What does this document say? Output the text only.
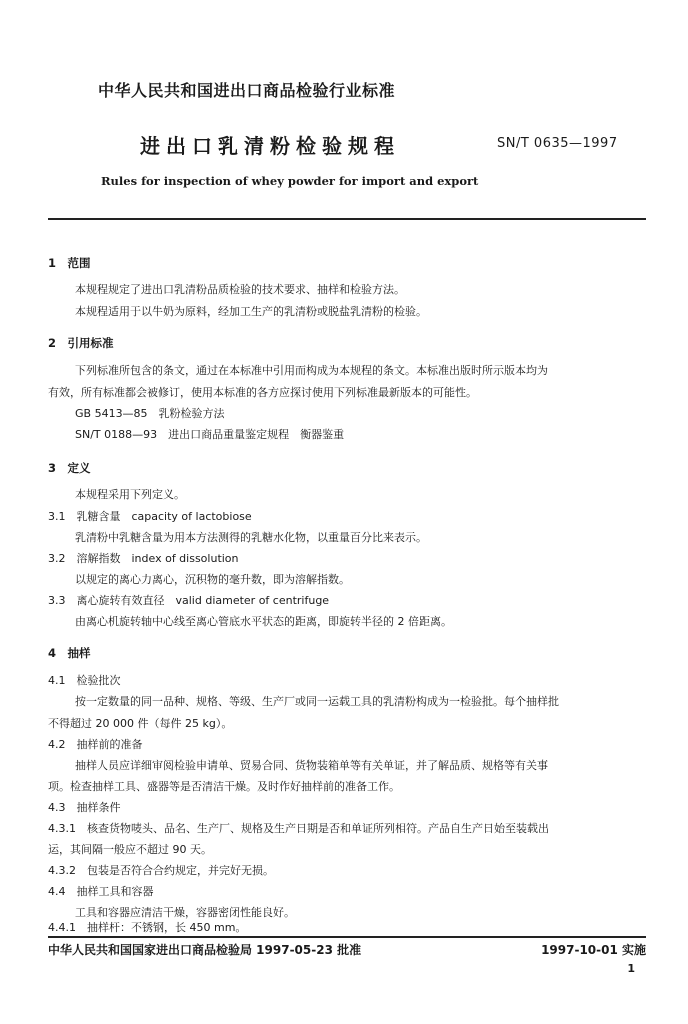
中华人民共和国进出口商品检验行业标准
进出口乳清粉检验规程	SN/T 0635—1997
Rules for inspection of whey powder for import and export
1　范围
本规程规定了进出口乳清粉品质检验的技术要求、抽样和检验方法。
本规程适用于以牛奶为原料，经加工生产的乳清粉或脱盐乳清粉的检验。
2　引用标准
下列标准所包含的条文，通过在本标准中引用而构成为本规程的条文。本标准出版时所示版本均为
有效，所有标准都会被修订，使用本标准的各方应探讨使用下列标准最新版本的可能性。
GB 5413—85　乳粉检验方法
SN/T 0188—93　进出口商品重量鉴定规程　衡器鉴重
3　定义
本规程采用下列定义。
3.1　乳糖含量　capacity of lactobiose
乳清粉中乳糖含量为用本方法测得的乳糖水化物，以重量百分比来表示。
3.2　溶解指数　index of dissolution
以规定的离心力离心，沉积物的毫升数，即为溶解指数。
3.3　离心旋转有效直径　valid diameter of centrifuge
由离心机旋转轴中心线至离心管底水平状态的距离，即旋转半径的 2 倍距离。
4　抽样
4.1　检验批次
按一定数量的同一品种、规格、等级、生产厂或同一运载工具的乳清粉构成为一检验批。每个抽样批
不得超过 20 000 件（每件 25 kg）。
4.2　抽样前的准备
抽样人员应详细审阅检验申请单、贸易合同、货物装箱单等有关单证，并了解品质、规格等有关事
项。检查抽样工具、盛器等是否清洁干燥。及时作好抽样前的准备工作。
4.3　抽样条件
4.3.1　核查货物唛头、品名、生产厂、规格及生产日期是否和单证所列相符。产品自生产日始至装载出
运，其间隔一般应不超过 90 天。
4.3.2　包装是否符合合约规定，并完好无损。
4.4　抽样工具和容器
工具和容器应清洁干燥，容器密闭性能良好。
4.4.1　抽样杆：不锈钢，长 450 mm。
中华人民共和国国家进出口商品检验局 1997-05-23 批准	1997-10-01 实施
1
